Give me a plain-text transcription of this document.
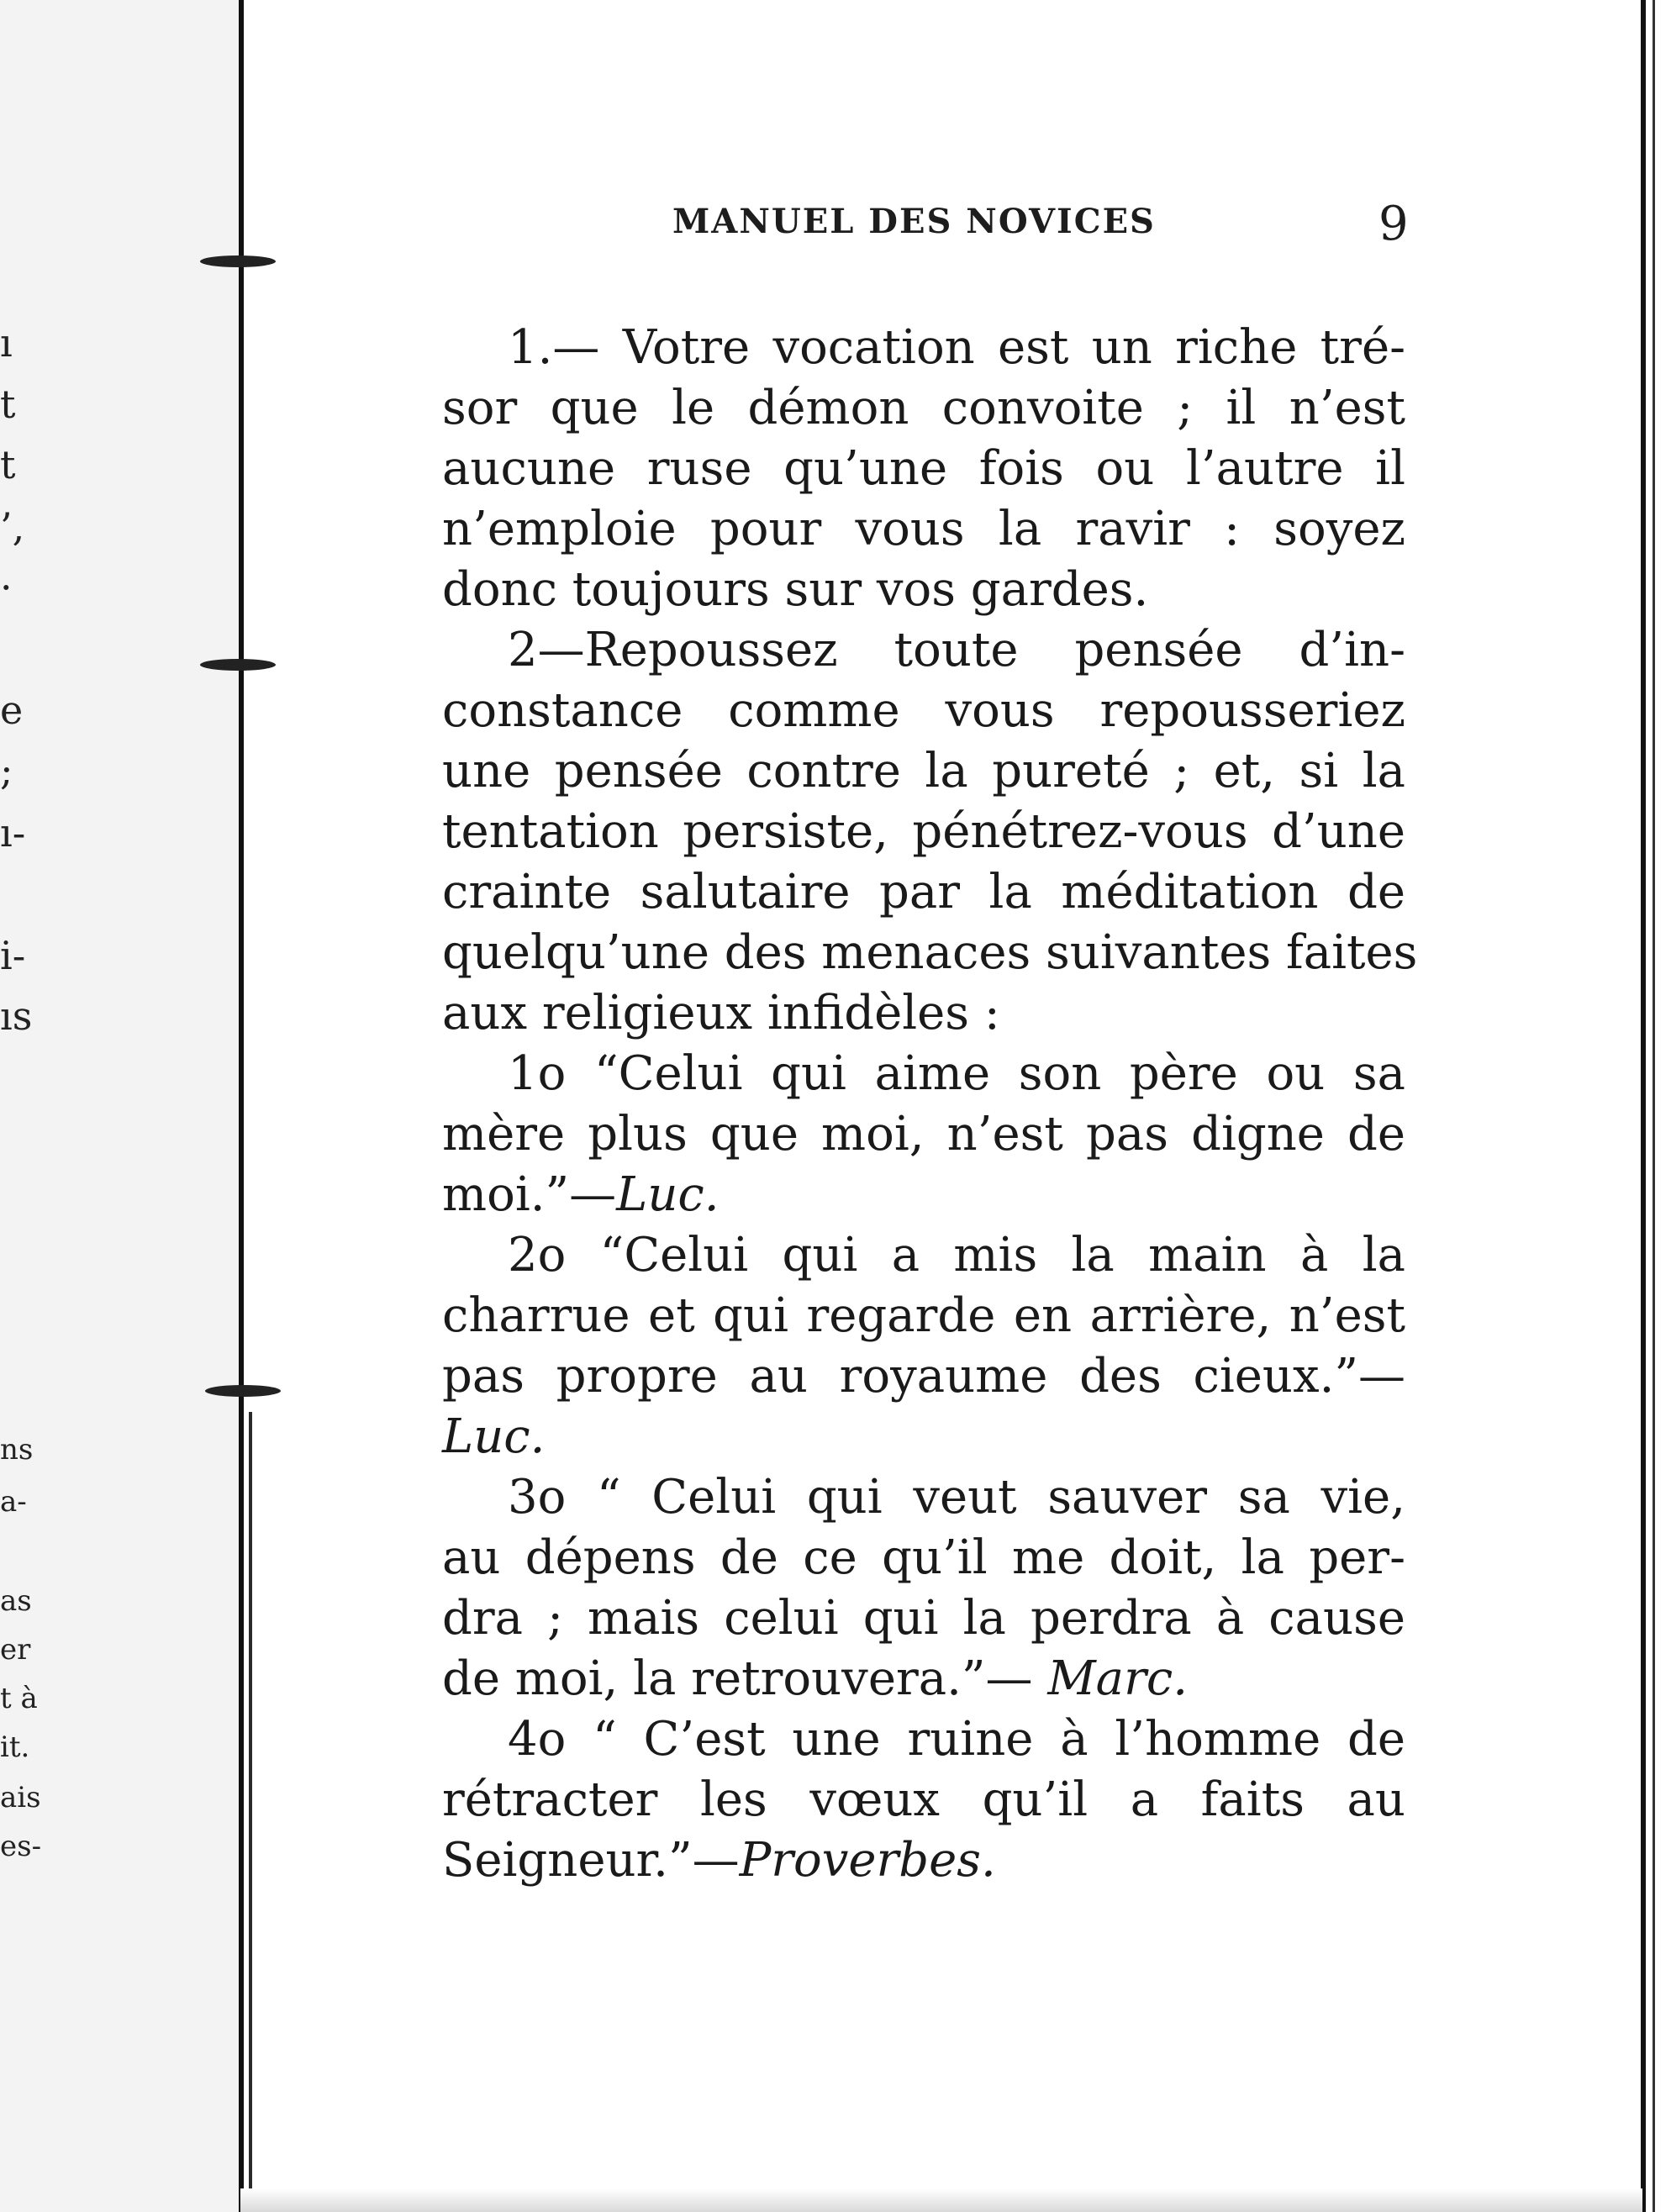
ı
t
t
’,
·
e
;
ı-
i-
ıs
ns
a-
as
er
t à
it.
ais
es-
MANUEL DES NOVICES	9
1.— Votre vocation est un riche tré-
sor que le démon convoite ; il n’est
aucune ruse qu’une fois ou l’autre il
n’emploie pour vous la ravir : soyez
donc toujours sur vos gardes.
2—Repoussez toute pensée d’in-
constance comme vous repousseriez
une pensée contre la pureté ; et, si la
tentation persiste, pénétrez-vous d’une
crainte salutaire par la méditation de
quelqu’une des menaces suivantes faites
aux religieux infidèles :
1o “Celui qui aime son père ou sa
mère plus que moi, n’est pas digne de
moi.”—Luc.
2o “Celui qui a mis la main à la
charrue et qui regarde en arrière, n’est
pas propre au royaume des cieux.”—
Luc.
3o “ Celui qui veut sauver sa vie,
au dépens de ce qu’il me doit, la per-
dra ; mais celui qui la perdra à cause
de moi, la retrouvera.”— Marc.
4o “ C’est une ruine à l’homme de
rétracter les vœux qu’il a faits au
Seigneur.”—Proverbes.
